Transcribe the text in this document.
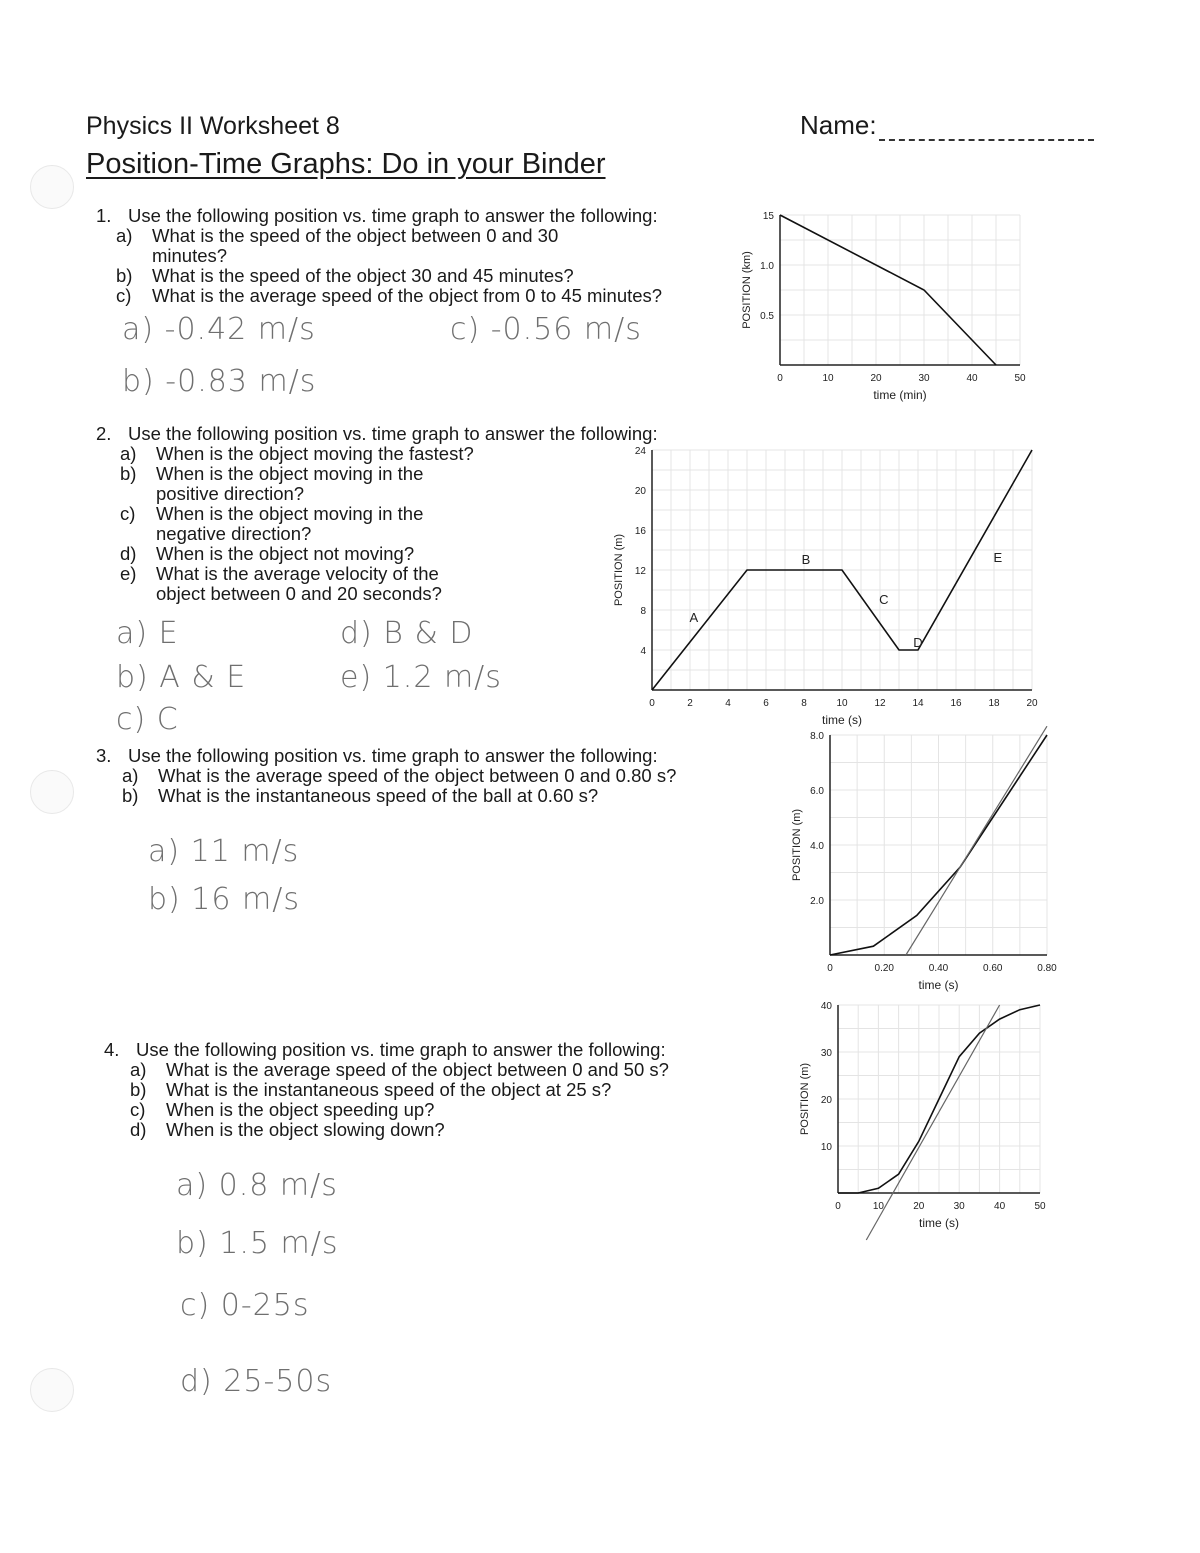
Physics II Worksheet 8
Position-Time Graphs: Do in your Binder
Name:
1. Use the following position vs. time graph to answer the following:
a)	What is the speed of the object between 0 and 30
minutes?
b)	What is the speed of the object 30 and 45 minutes?
c)	What is the average speed of the object from 0 to 45 minutes?
a) -0.42 m/s	c) -0.56 m/s
b) -0.83 m/s
2. Use the following position vs. time graph to answer the following:
a)	When is the object moving the fastest?
b)	When is the object moving in the
positive direction?
c)	When is the object moving in the
negative direction?
d)	When is the object not moving?
e)	What is the average velocity of the
object between 0 and 20 seconds?
a) E	d) B & D
b) A & E	e) 1.2 m/s
c) C
3. Use the following position vs. time graph to answer the following:
a)	What is the average speed of the object between 0 and 0.80 s?
b)	What is the instantaneous speed of the ball at 0.60 s?
a) 11 m/s
b) 16 m/s
4. Use the following position vs. time graph to answer the following:
a)	What is the average speed of the object between 0 and 50 s?
b)	What is the instantaneous speed of the object at 25 s?
c)	When is the object speeding up?
d)	When is the object slowing down?
a) 0.8 m/s
b) 1.5 m/s
c) 0-25s
d) 25-50s
0	10	20	30	40	50
0.5
1.0
15
time (min)
POSITION (km)
0	2	4	6	8	10	12	14	16	18	20
4
8
12
16
20
24
time (s)
POSITION (m)
A
B
C
D
E
0	0.20	0.40	0.60	0.80
2.0
4.0
6.0
8.0
time (s)
POSITION (m)
0	10	20	30	40	50
10
20
30
40
time (s)
POSITION (m)
